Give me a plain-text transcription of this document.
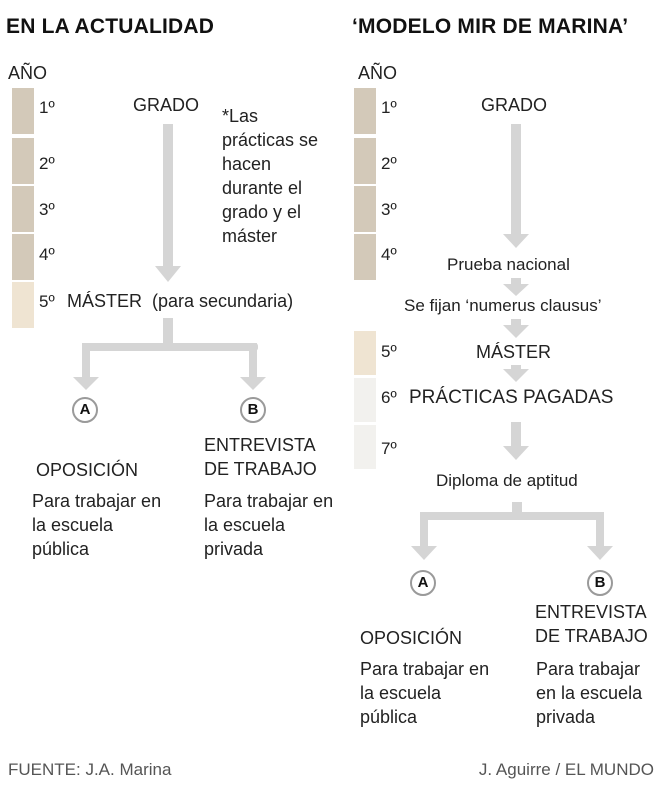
EN LA ACTUALIDAD
AÑO
1º
2º
3º
4º
5º
GRADO
*Las prácticas se hacen durante el grado y el máster
MÁSTER  (para secundaria)
A	B
OPOSICIÓN
Para trabajar en la escuela pública
ENTREVISTA DE TRABAJO
Para trabajar en la escuela privada
‘MODELO MIR DE MARINA’
AÑO
1º
2º
3º
4º
5º
6º
7º
GRADO
Prueba nacional
Se fijan ‘numerus clausus’
MÁSTER
PRÁCTICAS PAGADAS
Diploma de aptitud
A	B
OPOSICIÓN
Para trabajar en la escuela pública
ENTREVISTA DE TRABAJO
Para trabajar en la escuela privada
FUENTE: J.A. Marina	J. Aguirre / EL MUNDO
